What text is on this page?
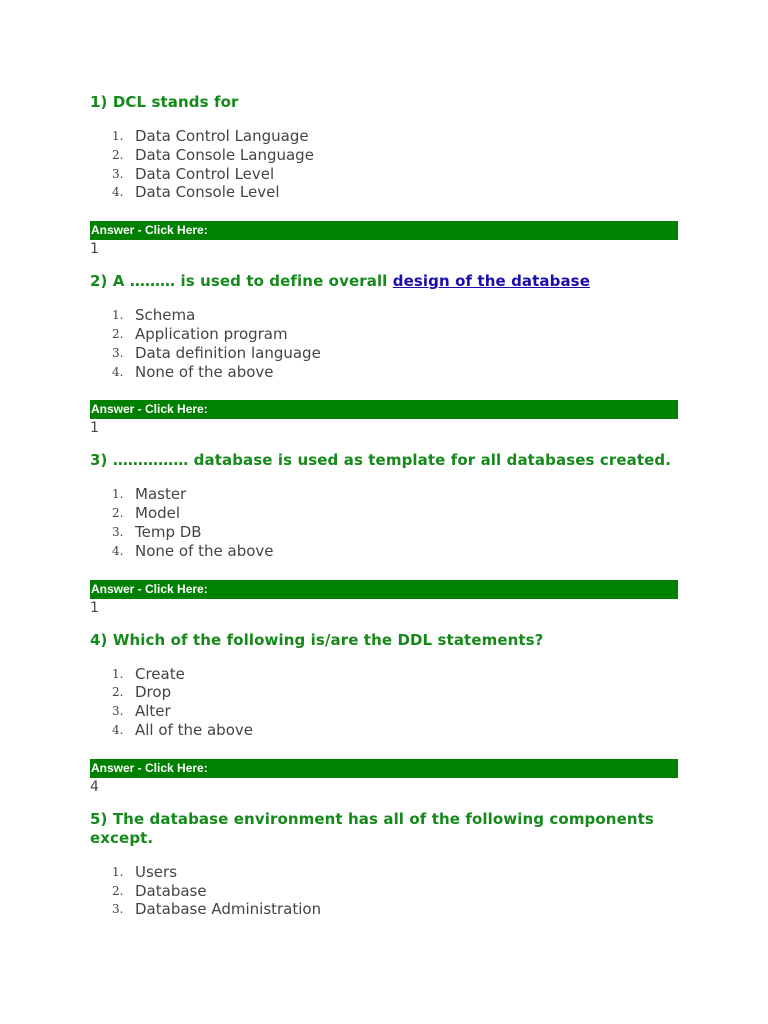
1) DCL stands for

1. Data Control Language
2. Data Console Language
3. Data Control Level
4. Data Console Level
Answer - Click Here:
1

2) A ……… is used to define overall design of the database

1. Schema
2. Application program
3. Data definition language
4. None of the above
Answer - Click Here:
1

3) …………… database is used as template for all databases created.

1. Master
2. Model
3. Temp DB
4. None of the above
Answer - Click Here:
1

4) Which of the following is/are the DDL statements?

1. Create
2. Drop
3. Alter
4. All of the above
Answer - Click Here:
4

5) The database environment has all of the following components except.

1. Users
2. Database
3. Database Administration
